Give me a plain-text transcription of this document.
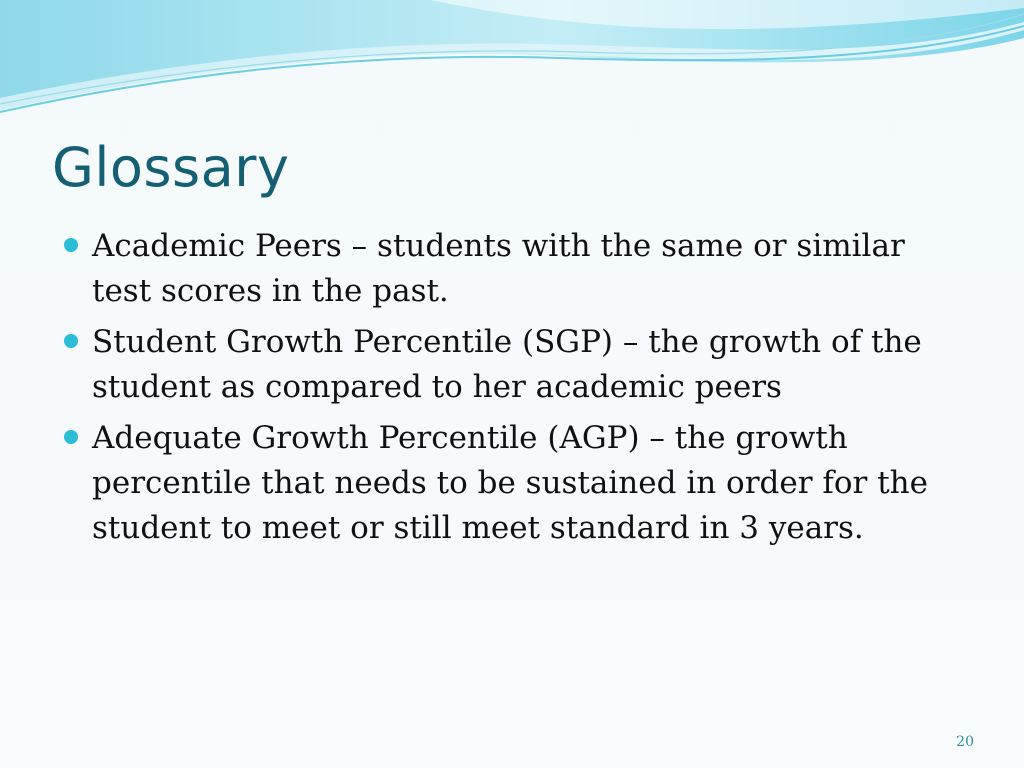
Glossary
Academic Peers – students with the same or similar test scores in the past.
Student Growth Percentile (SGP) – the growth of the student as compared to her academic peers
Adequate Growth Percentile (AGP) – the growth percentile that needs to be sustained in order for the student to meet or still meet standard in 3 years.
20
